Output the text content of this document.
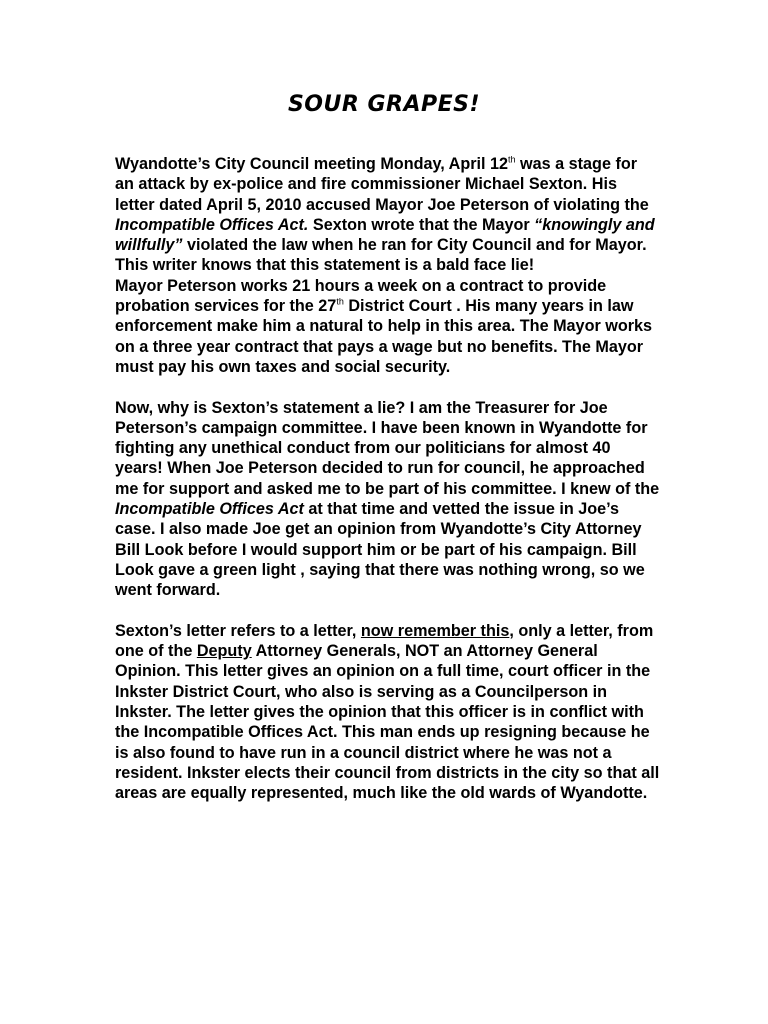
SOUR GRAPES!

Wyandotte’s City Council meeting Monday, April 12th was a stage for an attack by ex-police and fire commissioner Michael Sexton. His letter dated April 5, 2010 accused Mayor Joe Peterson of violating the Incompatible Offices Act. Sexton wrote that the Mayor “knowingly and willfully” violated the law when he ran for City Council and for Mayor. This writer knows that this statement is a bald face lie!

Mayor Peterson works 21 hours a week on a contract to provide probation services for the 27th District Court . His many years in law enforcement make him a natural to help in this area. The Mayor works on a three year contract that pays a wage but no benefits. The Mayor must pay his own taxes and social security.

Now, why is Sexton’s statement a lie? I am the Treasurer for Joe Peterson’s campaign committee. I have been known in Wyandotte for fighting any unethical conduct from our politicians for almost 40 years! When Joe Peterson decided to run for council, he approached me for support and asked me to be part of his committee. I knew of the Incompatible Offices Act at that time and vetted the issue in Joe’s case. I also made Joe get an opinion from Wyandotte’s City Attorney Bill Look before I would support him or be part of his campaign. Bill Look gave a green light , saying that there was nothing wrong, so we went forward.

Sexton’s letter refers to a letter, now remember this, only a letter, from one of the Deputy Attorney Generals, NOT an Attorney General Opinion. This letter gives an opinion on a full time, court officer in the Inkster District Court, who also is serving as a Councilperson in Inkster. The letter gives the opinion that this officer is in conflict with the Incompatible Offices Act. This man ends up resigning because he is also found to have run in a council district where he was not a resident. Inkster elects their council from districts in the city so that all areas are equally represented, much like the old wards of Wyandotte.
